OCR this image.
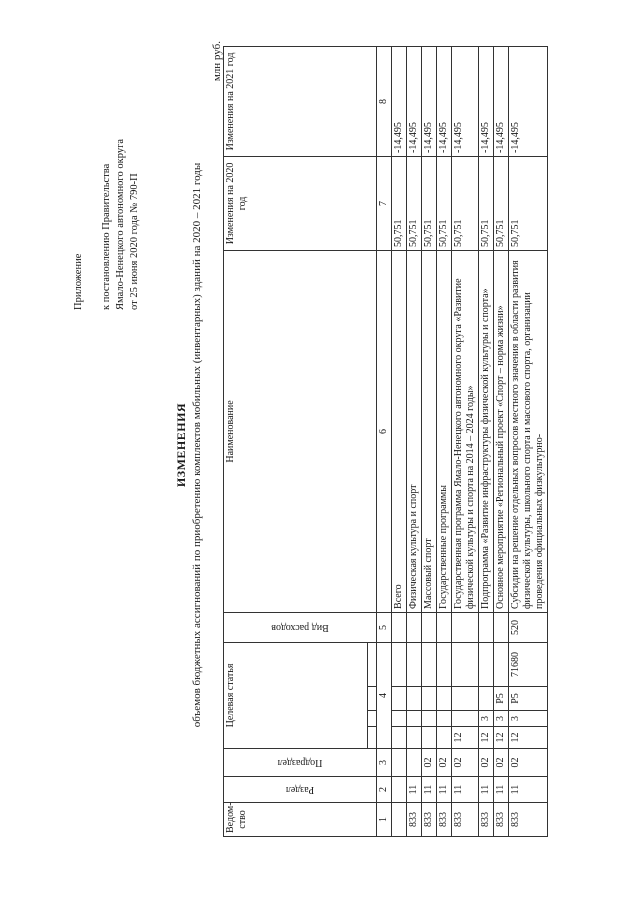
Приложение к постановлению Правительства Ямало-Ненецкого автономного округа от 25 июня 2020 года № 790-П
ИЗМЕНЕНИЯ объемов бюджетных ассигнований по приобретению комплектов мобильных (инвентарных) зданий на 2020 – 2021 годы
млн руб.
Ведом-ство	Раздел	Подраздел	Целевая статья				Вид расходов	Наименование	Изменения на 2020 год	Изменения на 2021 год

1	2	3	4				5	6	7	8
								Всего	50,751	-14,495
833	11							Физическая культура и спорт	50,751	-14,495
833	11	02						Массовый спорт	50,751	-14,495
833	11	02						Государственные программы	50,751	-14,495
833	11	02	12					Государственная программа Ямало-Ненецкого автономного округа «Развитие физической культуры и спорта на 2014 – 2024 годы»	50,751	-14,495
833	11	02	12	3				Подпрограмма «Развитие инфраструктуры физической культуры и спорта»	50,751	-14,495
833	11	02	12	3	P5			Основное мероприятие «Региональный проект «Спорт – норма жизни»	50,751	-14,495
833	11	02	12	3	P5	71680	520	Субсидии на решение отдельных вопросов местного значения в области развития физической культуры, школьного спорта и массового спорта, организации проведения официальных физкультурно-	50,751	-14,495
